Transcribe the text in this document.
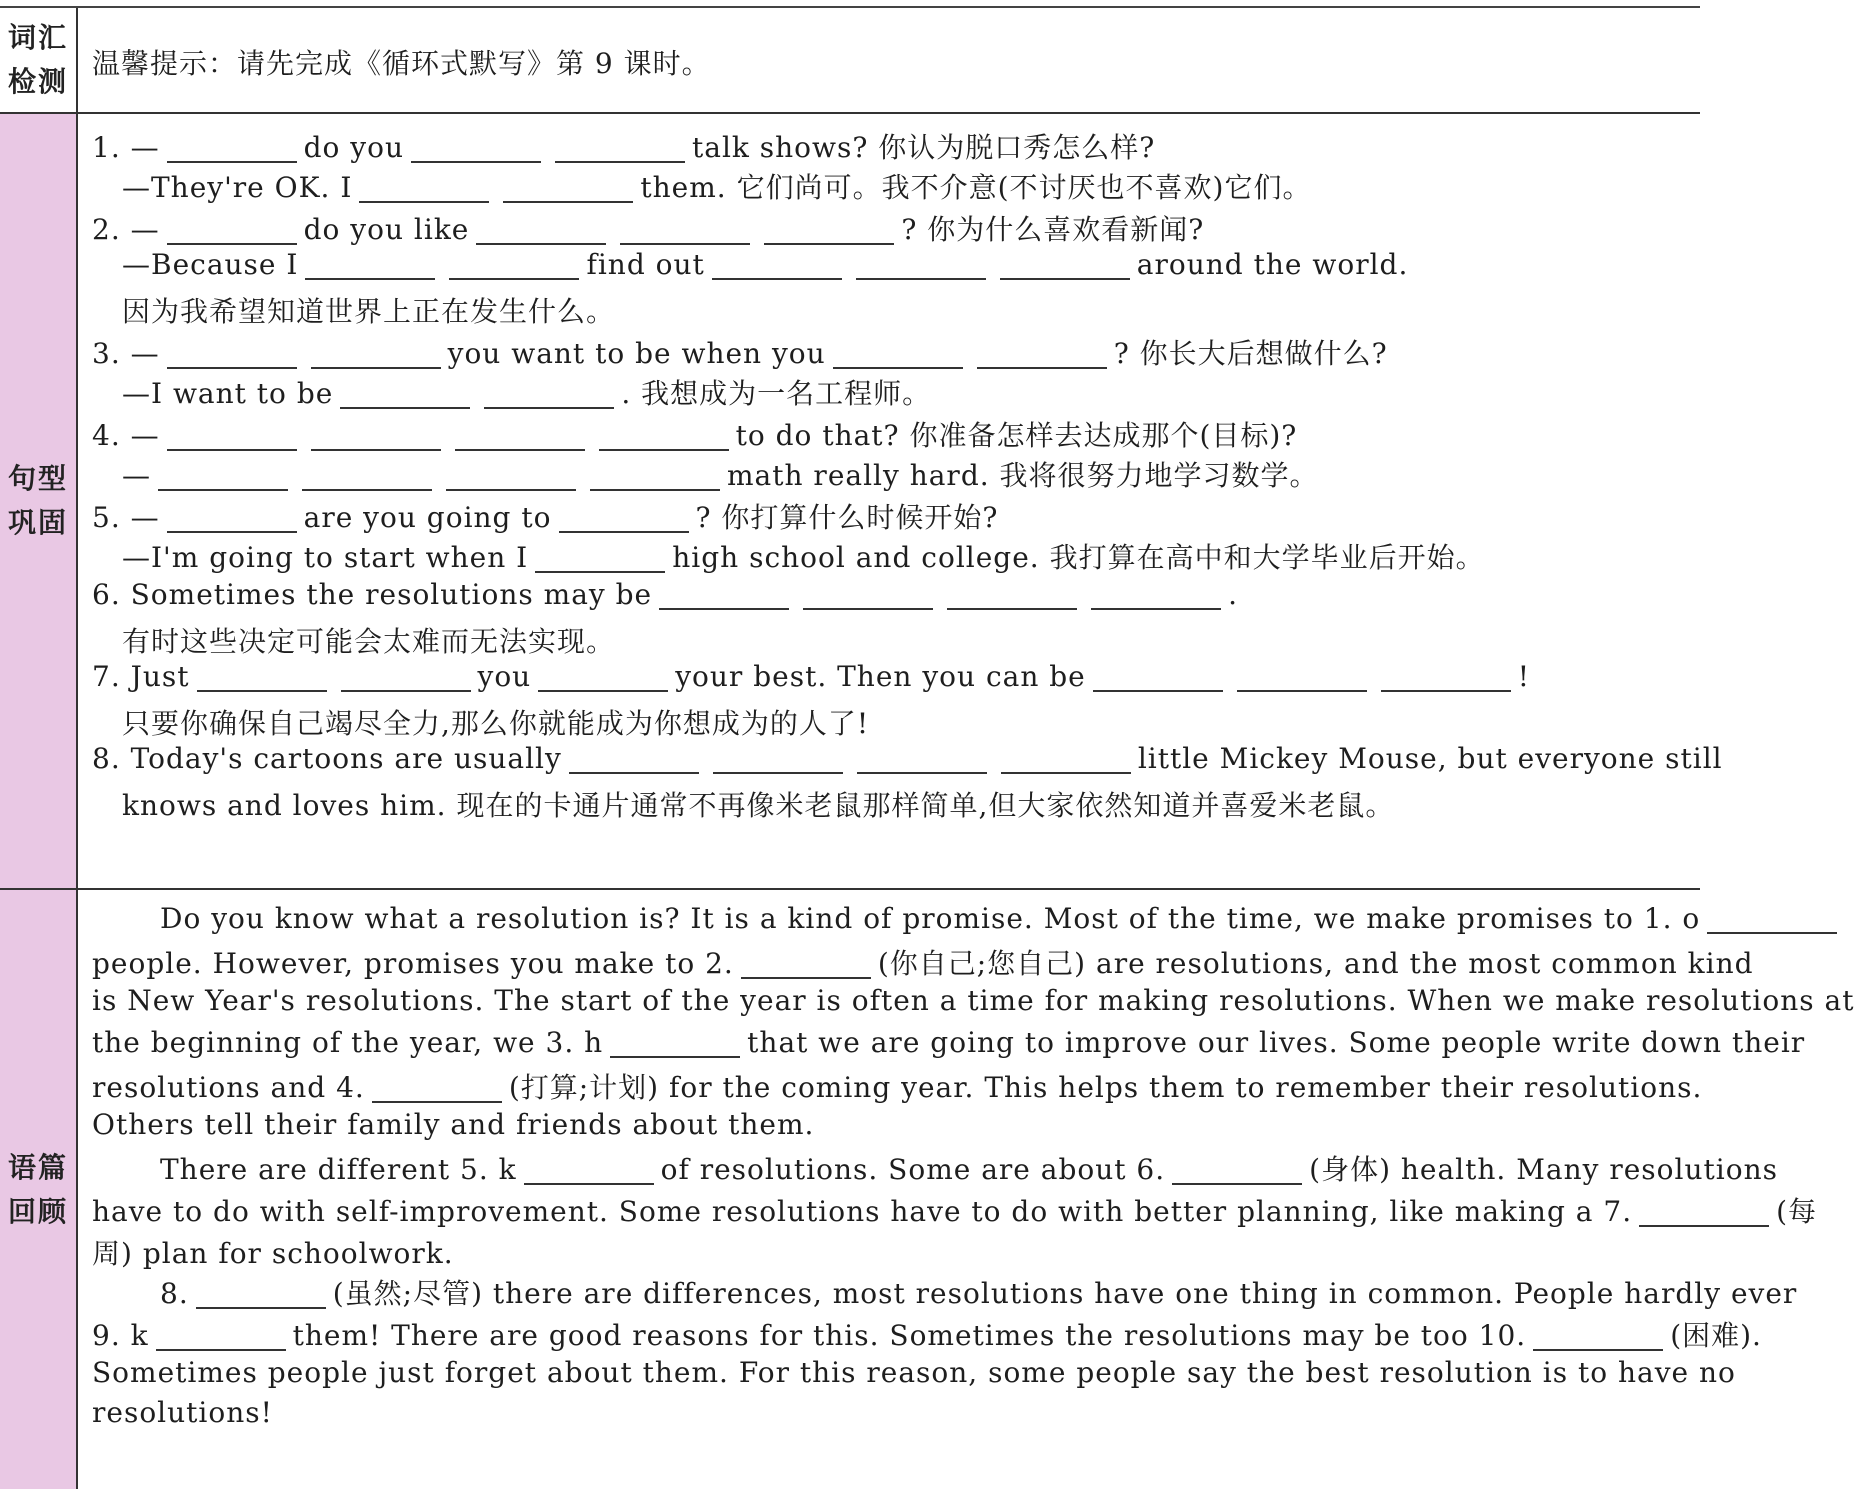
词汇检测
温馨提示：请先完成《循环式默写》第 9 课时。
句型巩固
1. —	do you	talk shows? 你认为脱口秀怎么样?
—They're OK. I	them. 它们尚可。我不介意(不讨厌也不喜欢)它们。
2. —	do you like	? 你为什么喜欢看新闻?
—Because I	find out	around the world.
因为我希望知道世界上正在发生什么。
3. —	you want to be when you	? 你长大后想做什么?
—I want to be	. 我想成为一名工程师。
4. —	to do that? 你准备怎样去达成那个(目标)?
—	math really hard. 我将很努力地学习数学。
5. —	are you going to	? 你打算什么时候开始?
—I'm going to start when I	high school and college. 我打算在高中和大学毕业后开始。
6. Sometimes the resolutions may be	.
有时这些决定可能会太难而无法实现。
7. Just	you	your best. Then you can be	!
只要你确保自己竭尽全力,那么你就能成为你想成为的人了!
8. Today's cartoons are usually	little Mickey Mouse, but everyone still
knows and loves him. 现在的卡通片通常不再像米老鼠那样简单,但大家依然知道并喜爱米老鼠。
语篇回顾
Do you know what a resolution is? It is a kind of promise. Most of the time, we make promises to 1. o
people. However, promises you make to 2.	(你自己;您自己) are resolutions, and the most common kind
is New Year's resolutions. The start of the year is often a time for making resolutions. When we make resolutions at
the beginning of the year, we 3. h	that we are going to improve our lives. Some people write down their
resolutions and 4.	(打算;计划) for the coming year. This helps them to remember their resolutions.
Others tell their family and friends about them.
There are different 5. k	of resolutions. Some are about 6.	(身体) health. Many resolutions
have to do with self-improvement. Some resolutions have to do with better planning, like making a 7.	(每
周) plan for schoolwork.
8.	(虽然;尽管) there are differences, most resolutions have one thing in common. People hardly ever
9. k	them! There are good reasons for this. Sometimes the resolutions may be too 10.	(困难).
Sometimes people just forget about them. For this reason, some people say the best resolution is to have no
resolutions!
